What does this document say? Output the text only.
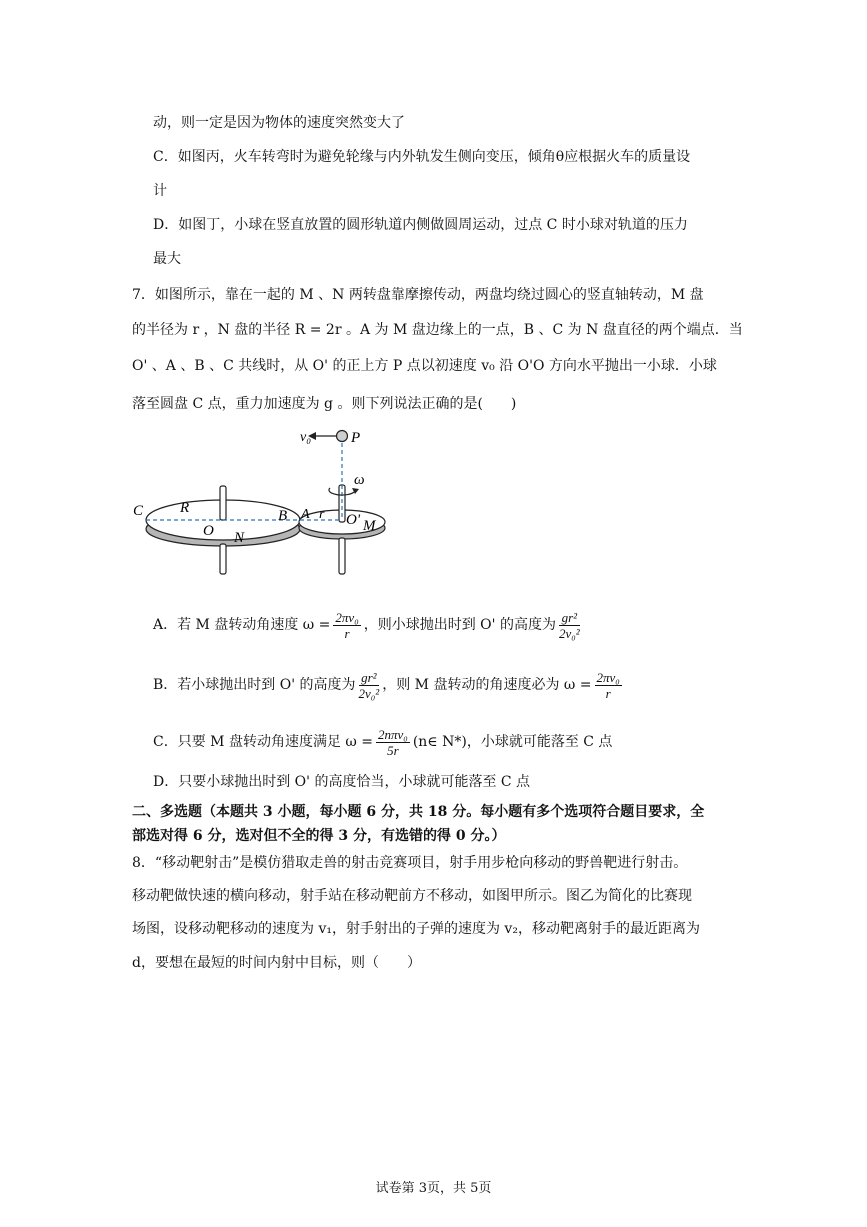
动，则一定是因为物体的速度突然变大了
C．如图丙，火车转弯时为避免轮缘与内外轨发生侧向变压，倾角θ应根据火车的质量设
计
D．如图丁，小球在竖直放置的圆形轨道内侧做圆周运动，过点 C 时小球对轨道的压力
最大
7．如图所示，靠在一起的 M 、N 两转盘靠摩擦传动，两盘均绕过圆心的竖直轴转动，M 盘
的半径为 r ，N 盘的半径 R = 2r 。A 为 M 盘边缘上的一点，B 、C 为 N 盘直径的两个端点．当
O' 、A 、B 、C 共线时，从 O' 的正上方 P 点以初速度 v₀ 沿 O'O 方向水平抛出一小球．小球
落至圆盘 C 点，重力加速度为 g 。则下列说法正确的是(　　)
v₀	P
ω
C R	B A r
O N
O' M
A．若 M 盘转动角速度 $\omega = \frac{\text{2πv₀}}{r}$ ，则小球抛出时到 O' 的高度为 $\frac{\text{gr²}}{\text{2v₀²}}$
B．若小球抛出时到 O' 的高度为 $\frac{\text{gr²}}{\text{2v₀²}}$ ，则 M 盘转动的角速度必为 $\omega = \frac{\text{2πv₀}}{r}$
C．只要 M 盘转动角速度满足 $\omega = \frac{\text{2nπv₀}}{5r}$ (n∈ N*)，小球就可能落至 C 点
D．只要小球抛出时到 O' 的高度恰当，小球就可能落至 C 点
二、多选题（本题共 3 小题，每小题 6 分，共 18 分。每小题有多个选项符合题目要求，全
部选对得 6 分，选对但不全的得 3 分，有选错的得 0 分。）
8．“移动靶射击”是模仿猎取走兽的射击竞赛项目，射手用步枪向移动的野兽靶进行射击。
移动靶做快速的横向移动，射手站在移动靶前方不移动，如图甲所示。图乙为简化的比赛现
场图，设移动靶移动的速度为 v₁，射手射出的子弹的速度为 v₂，移动靶离射手的最近距离为
d，要想在最短的时间内射中目标，则（　　）
试卷第 3页，共 5页
